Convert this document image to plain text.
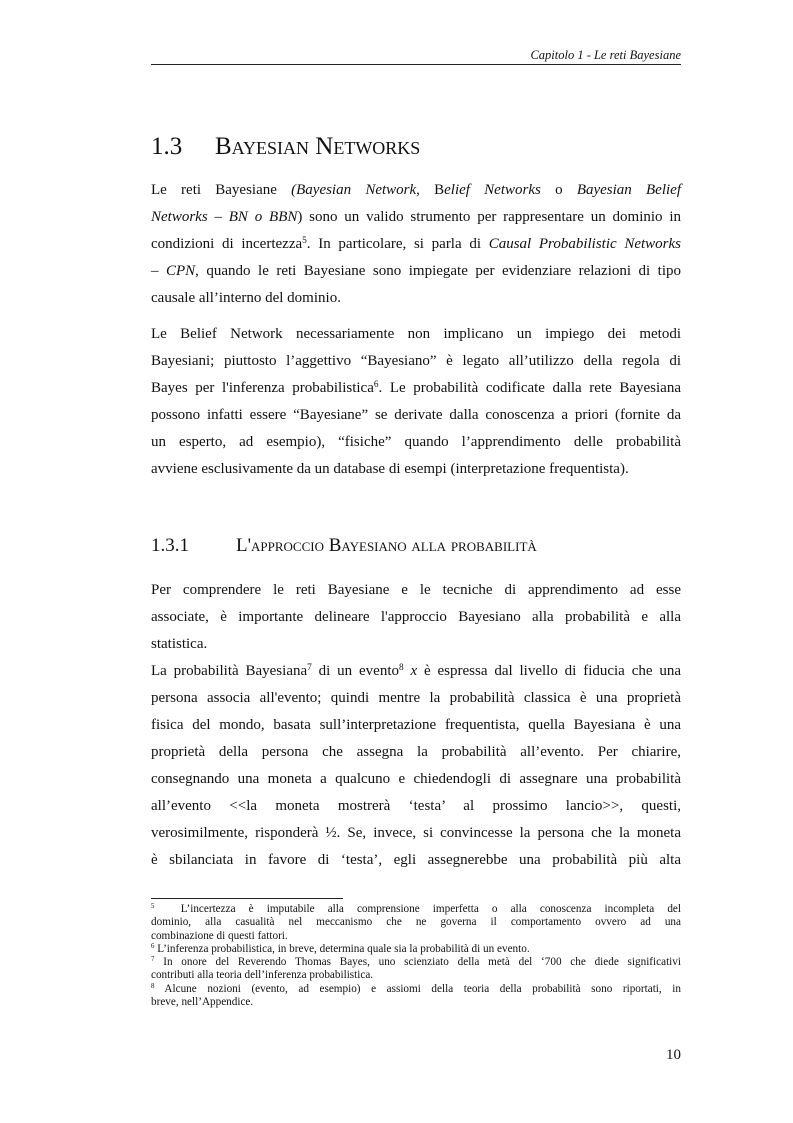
Capitolo 1 - Le reti Bayesiane
1.3 Bayesian Networks
Le reti Bayesiane (Bayesian Network, Belief Networks o Bayesian Belief
Networks – BN o BBN) sono un valido strumento per rappresentare un dominio in
condizioni di incertezza$^5$. In particolare, si parla di Causal Probabilistic Networks
– CPN, quando le reti Bayesiane sono impiegate per evidenziare relazioni di tipo
causale all’interno del dominio.
Le Belief Network necessariamente non implicano un impiego dei metodi
Bayesiani; piuttosto l’aggettivo “Bayesiano” è legato all’utilizzo della regola di
Bayes per l'inferenza probabilistica$^6$. Le probabilità codificate dalla rete Bayesiana
possono infatti essere “Bayesiane” se derivate dalla conoscenza a priori (fornite da
un esperto, ad esempio), “fisiche” quando l’apprendimento delle probabilità
avviene esclusivamente da un database di esempi (interpretazione frequentista).
1.3.1 L'approccio Bayesiano alla probabilità
Per comprendere le reti Bayesiane e le tecniche di apprendimento ad esse
associate, è importante delineare l'approccio Bayesiano alla probabilità e alla
statistica.
La probabilità Bayesiana$^7$ di un evento$^8$ x è espressa dal livello di fiducia che una
persona associa all'evento; quindi mentre la probabilità classica è una proprietà
fisica del mondo, basata sull’interpretazione frequentista, quella Bayesiana è una
proprietà della persona che assegna la probabilità all’evento. Per chiarire,
consegnando una moneta a qualcuno e chiedendogli di assegnare una probabilità
all’evento <<la moneta mostrerà ‘testa’ al prossimo lancio>>, questi,
verosimilmente, risponderà ½. Se, invece, si convincesse la persona che la moneta
è sbilanciata in favore di ‘testa’, egli assegnerebbe una probabilità più alta
$^5$ L’incertezza è imputabile alla comprensione imperfetta o alla conoscenza incompleta del
dominio, alla casualità nel meccanismo che ne governa il comportamento ovvero ad una
combinazione di questi fattori.
$^6$ L’inferenza probabilistica, in breve, determina quale sia la probabilità di un evento.
$^7$ In onore del Reverendo Thomas Bayes, uno scienziato della metà del ‘700 che diede significativi
contributi alla teoria dell’inferenza probabilistica.
$^8$ Alcune nozioni (evento, ad esempio) e assiomi della teoria della probabilità sono riportati, in
breve, nell’Appendice.
10
